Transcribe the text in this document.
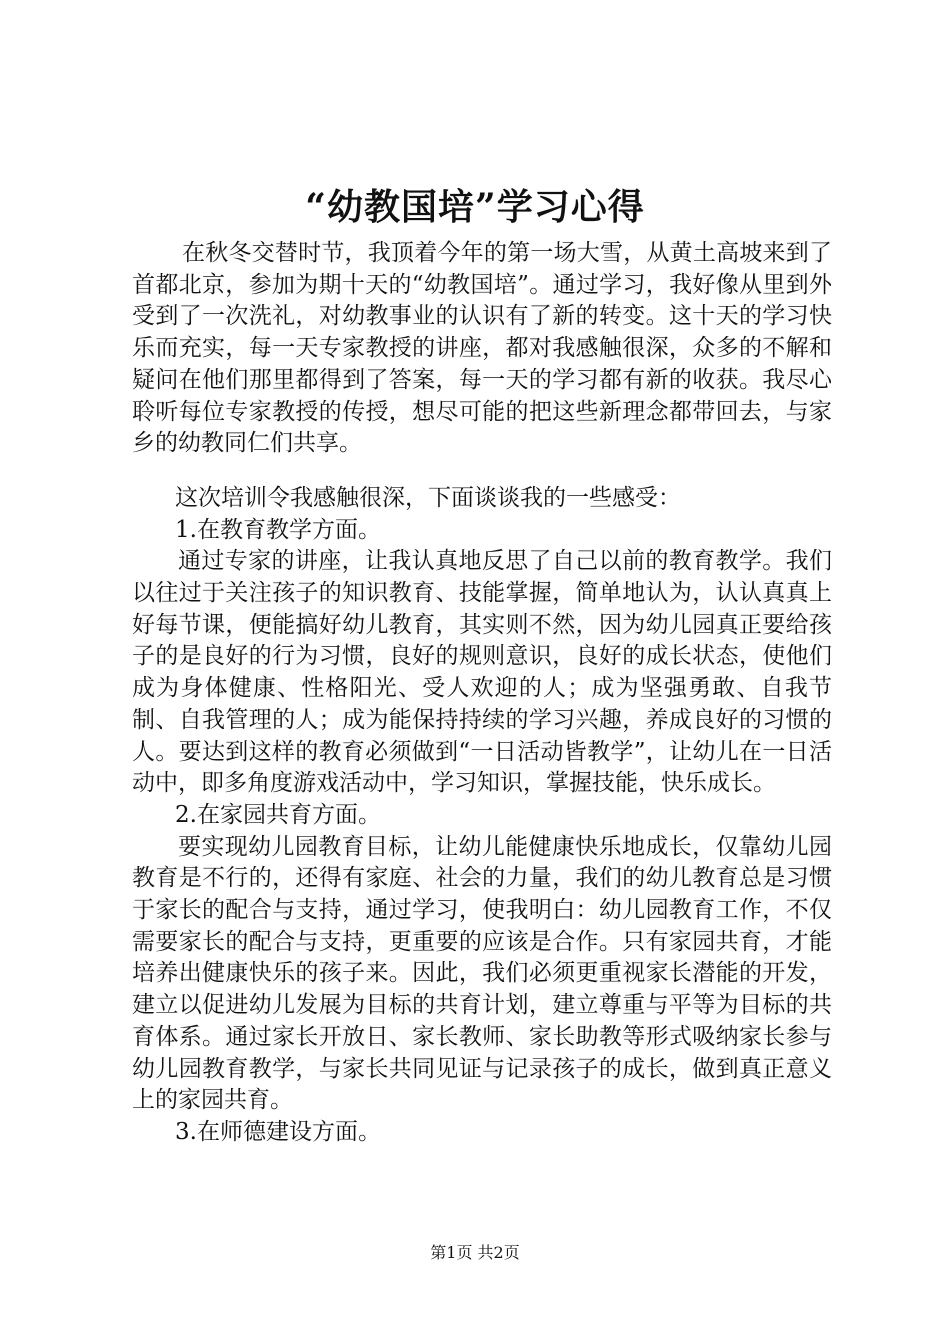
“幼教国培”学习心得

在秋冬交替时节，我顶着今年的第一场大雪，从黄土高坡来到了首都北京，参加为期十天的“幼教国培”。通过学习，我好像从里到外受到了一次洗礼，对幼教事业的认识有了新的转变。这十天的学习快乐而充实，每一天专家教授的讲座，都对我感触很深，众多的不解和疑问在他们那里都得到了答案，每一天的学习都有新的收获。我尽心聆听每位专家教授的传授，想尽可能的把这些新理念都带回去，与家乡的幼教同仁们共享。

这次培训令我感触很深，下面谈谈我的一些感受：

1.在教育教学方面。

通过专家的讲座，让我认真地反思了自己以前的教育教学。我们以往过于关注孩子的知识教育、技能掌握，简单地认为，认认真真上好每节课，便能搞好幼儿教育，其实则不然，因为幼儿园真正要给孩子的是良好的行为习惯，良好的规则意识，良好的成长状态，使他们成为身体健康、性格阳光、受人欢迎的人；成为坚强勇敢、自我节制、自我管理的人；成为能保持持续的学习兴趣，养成良好的习惯的人。要达到这样的教育必须做到“一日活动皆教学”，让幼儿在一日活动中，即多角度游戏活动中，学习知识，掌握技能，快乐成长。

2.在家园共育方面。

要实现幼儿园教育目标，让幼儿能健康快乐地成长，仅靠幼儿园教育是不行的，还得有家庭、社会的力量，我们的幼儿教育总是习惯于家长的配合与支持，通过学习，使我明白：幼儿园教育工作，不仅需要家长的配合与支持，更重要的应该是合作。只有家园共育，才能培养出健康快乐的孩子来。因此，我们必须更重视家长潜能的开发，建立以促进幼儿发展为目标的共育计划，建立尊重与平等为目标的共育体系。通过家长开放日、家长教师、家长助教等形式吸纳家长参与幼儿园教育教学，与家长共同见证与记录孩子的成长，做到真正意义上的家园共育。

3.在师德建设方面。

第1页 共2页
